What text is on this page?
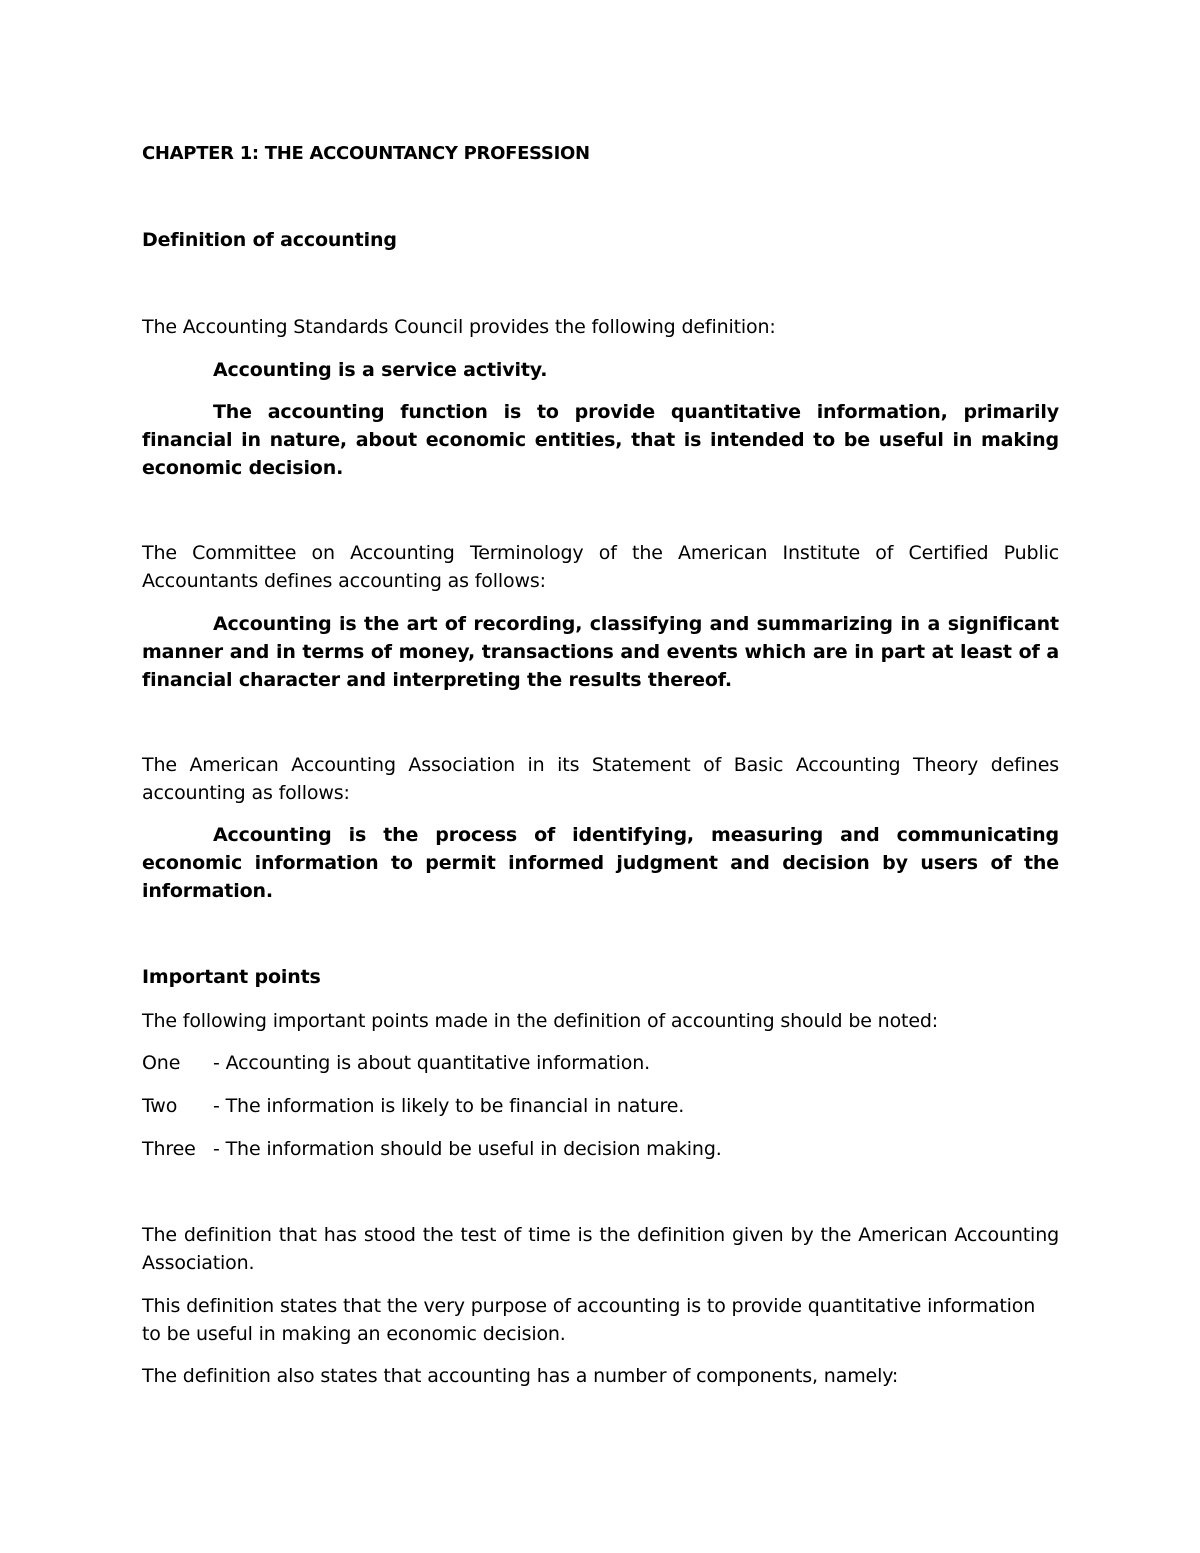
CHAPTER 1: THE ACCOUNTANCY PROFESSION

Definition of accounting

The Accounting Standards Council provides the following definition:

Accounting is a service activity.

The accounting function is to provide quantitative information, primarily financial in nature, about economic entities, that is intended to be useful in making economic decision.

The Committee on Accounting Terminology of the American Institute of Certified Public Accountants defines accounting as follows:

Accounting is the art of recording, classifying and summarizing in a significant manner and in terms of money, transactions and events which are in part at least of a financial character and interpreting the results thereof.

The American Accounting Association in its Statement of Basic Accounting Theory defines accounting as follows:

Accounting is the process of identifying, measuring and communicating economic information to permit informed judgment and decision by users of the information.

Important points

The following important points made in the definition of accounting should be noted:

One - Accounting is about quantitative information.
Two - The information is likely to be financial in nature.
Three - The information should be useful in decision making.

The definition that has stood the test of time is the definition given by the American Accounting Association.

This definition states that the very purpose of accounting is to provide quantitative information to be useful in making an economic decision.

The definition also states that accounting has a number of components, namely:
